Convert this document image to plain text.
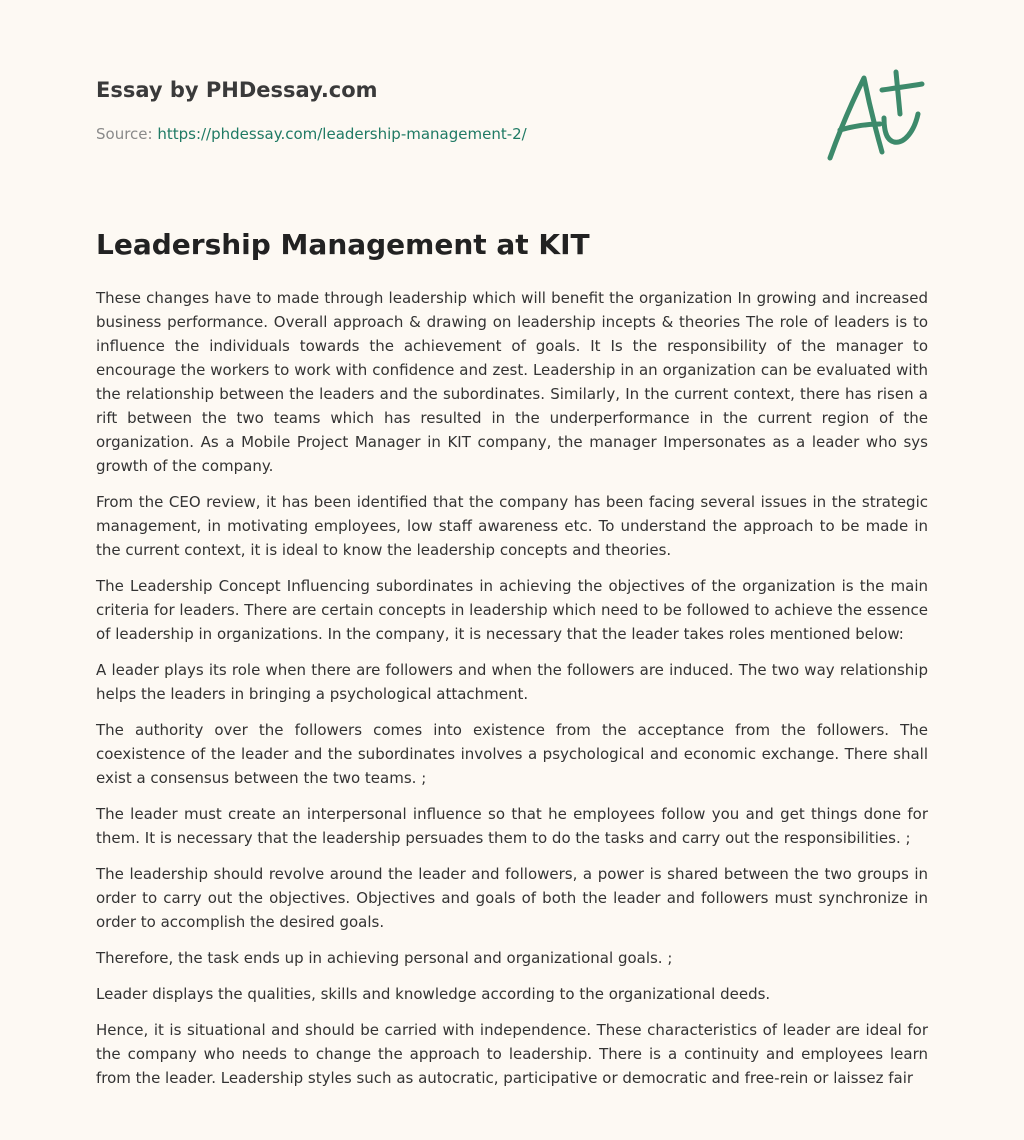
Essay by PHDessay.com
Source: https://phdessay.com/leadership-management-2/
Leadership Management at KIT

These changes have to made through leadership which will benefit the organization In growing and increased business performance. Overall approach & drawing on leadership incepts & theories The role of leaders is to influence the individuals towards the achievement of goals. It Is the responsibility of the manager to encourage the workers to work with confidence and zest. Leadership in an organization can be evaluated with the relationship between the leaders and the subordinates. Similarly, In the current context, there has risen a rift between the two teams which has resulted in the underperformance in the current region of the organization. As a Mobile Project Manager in KIT company, the manager Impersonates as a leader who sys growth of the company.

From the CEO review, it has been identified that the company has been facing several issues in the strategic management, in motivating employees, low staff awareness etc. To understand the approach to be made in the current context, it is ideal to know the leadership concepts and theories.

The Leadership Concept Influencing subordinates in achieving the objectives of the organization is the main criteria for leaders. There are certain concepts in leadership which need to be followed to achieve the essence of leadership in organizations. In the company, it is necessary that the leader takes roles mentioned below:

A leader plays its role when there are followers and when the followers are induced. The two way relationship helps the leaders in bringing a psychological attachment.

The authority over the followers comes into existence from the acceptance from the followers. The coexistence of the leader and the subordinates involves a psychological and economic exchange. There shall exist a consensus between the two teams. ;

The leader must create an interpersonal influence so that he employees follow you and get things done for them. It is necessary that the leadership persuades them to do the tasks and carry out the responsibilities. ;

The leadership should revolve around the leader and followers, a power is shared between the two groups in order to carry out the objectives. Objectives and goals of both the leader and followers must synchronize in order to accomplish the desired goals.

Therefore, the task ends up in achieving personal and organizational goals. ;

Leader displays the qualities, skills and knowledge according to the organizational deeds.

Hence, it is situational and should be carried with independence. These characteristics of leader are ideal for the company who needs to change the approach to leadership. There is a continuity and employees learn from the leader. Leadership styles such as autocratic, participative or democratic and free-rein or laissez fair
